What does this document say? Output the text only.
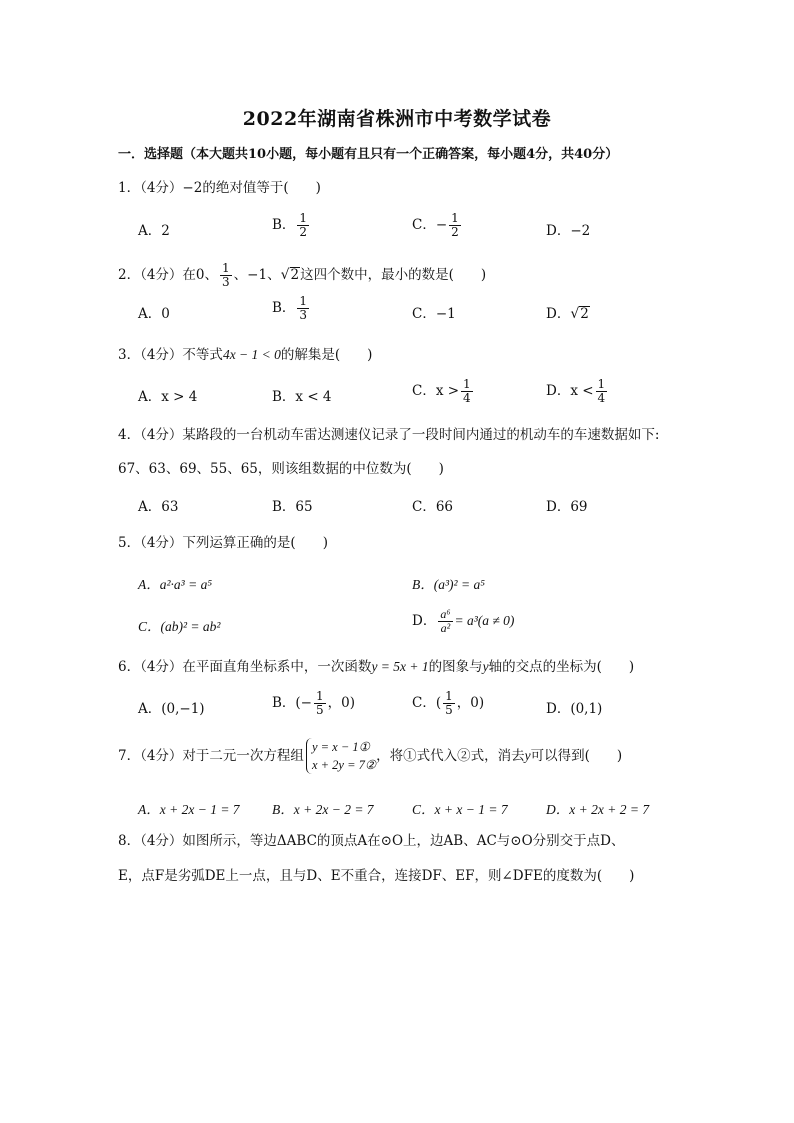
2022年湖南省株洲市中考数学试卷
一．选择题（本大题共10小题，每小题有且只有一个正确答案，每小题4分，共40分）
1．（4分）−2的绝对值等于(　　)
A．2	B． $\frac{1}{2}$	C．− $\frac{1}{2}$	D．−2
2．（4分）在0、 $\frac{1}{3}$ 、−1、√2这四个数中，最小的数是(　　)
A．0	B． $\frac{1}{3}$	C．−1	D．√2
3．（4分）不等式4x − 1 < 0的解集是(　　)
A．x > 4	B．x < 4	C．$x > \frac{1}{4}$	D．$x < \frac{1}{4}$
4．（4分）某路段的一台机动车雷达测速仪记录了一段时间内通过的机动车的车速数据如下:
67、63、69、55、65，则该组数据的中位数为(　　)
A．63	B．65	C．66	D．69
5．（4分）下列运算正确的是(　　)
A．a²·a³ = a⁵	B．(a³)² = a⁵
C．(ab)² = ab²	D． $\frac{\text{a⁶}}{\text{a²}} = a^3(a \ne 0)$
6．（4分）在平面直角坐标系中，一次函数y = 5x + 1的图象与y轴的交点的坐标为(　　)
A．(0,−1)	B．(− $\frac{1}{5}$ ，0)	C．( $\frac{1}{5}$ ，0)	D．(0,1)
7．（4分）对于二元一次方程组
y = x − 1①
x + 2y = 7②
，将①式代入②式，消去y可以得到(　　)
A．x + 2x − 1 = 7 B．x + 2x − 2 = 7	C．x + x − 1 = 7	D．x + 2x + 2 = 7
8．（4分）如图所示，等边ΔABC的顶点A在⊙O上，边AB、AC与⊙O分别交于点D、
E，点F是劣弧DE上一点，且与D、E不重合，连接DF、EF，则∠DFE的度数为(　　)
